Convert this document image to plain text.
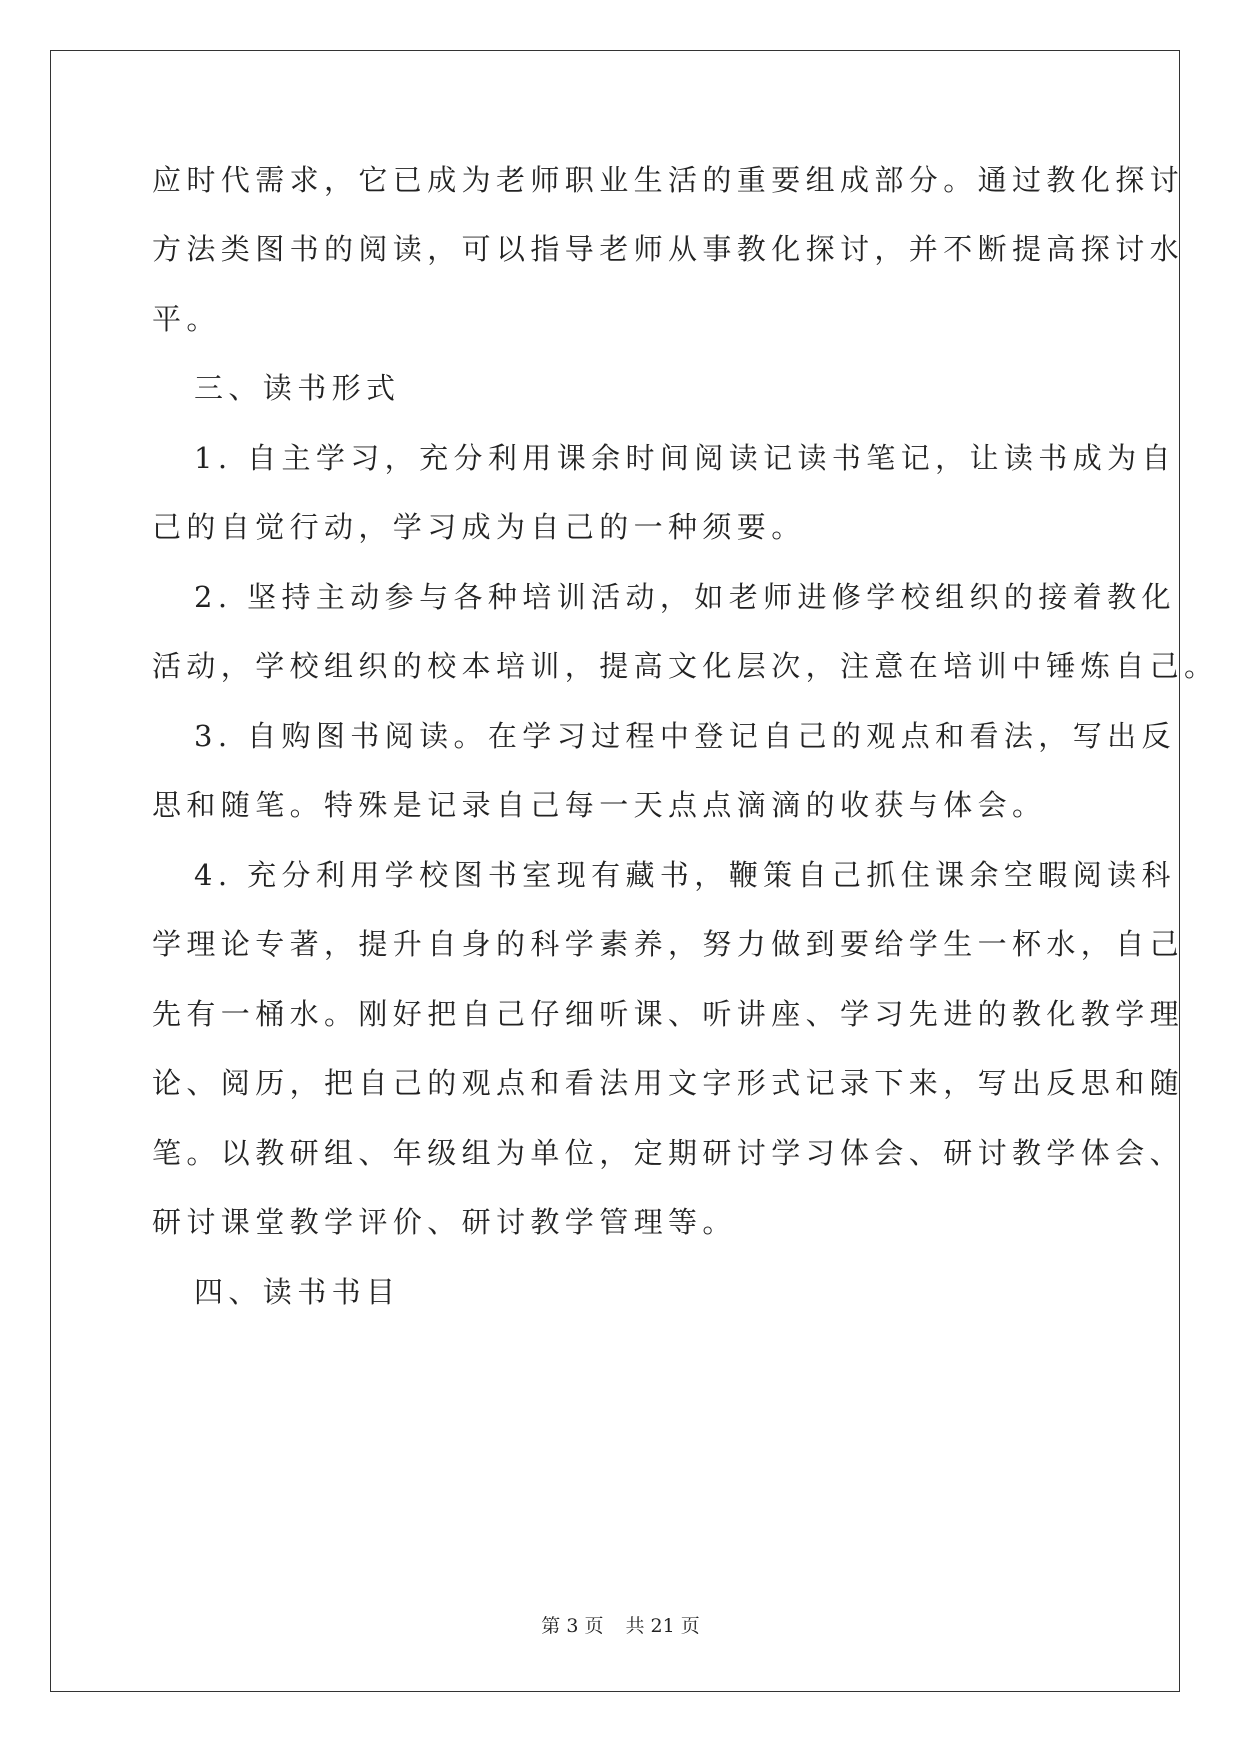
应时代需求，它已成为老师职业生活的重要组成部分。通过教化探讨
方法类图书的阅读，可以指导老师从事教化探讨，并不断提高探讨水
平。
三、读书形式
1. 自主学习，充分利用课余时间阅读记读书笔记，让读书成为自
己的自觉行动，学习成为自己的一种须要。
2. 坚持主动参与各种培训活动，如老师进修学校组织的接着教化
活动，学校组织的校本培训，提高文化层次，注意在培训中锤炼自己。
3. 自购图书阅读。在学习过程中登记自己的观点和看法，写出反
思和随笔。特殊是记录自己每一天点点滴滴的收获与体会。
4. 充分利用学校图书室现有藏书，鞭策自己抓住课余空暇阅读科
学理论专著，提升自身的科学素养，努力做到要给学生一杯水，自己
先有一桶水。刚好把自己仔细听课、听讲座、学习先进的教化教学理
论、阅历，把自己的观点和看法用文字形式记录下来，写出反思和随
笔。以教研组、年级组为单位，定期研讨学习体会、研讨教学体会、
研讨课堂教学评价、研讨教学管理等。
四、读书书目
第 3 页 共 21 页
